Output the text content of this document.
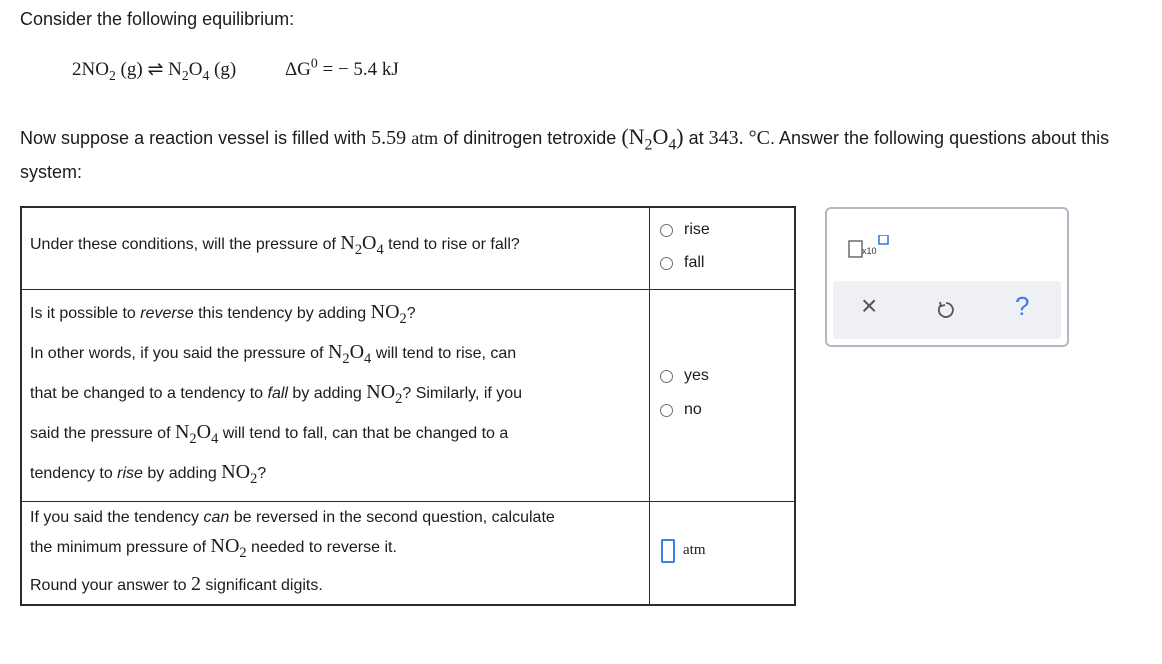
Consider the following equilibrium:
$2NO_2$ (g) ⇌ $N_2O_4$ (g)	$\Delta G^0$ = − 5.4 kJ
Now suppose a reaction vessel is filled with 5.59 atm of dinitrogen tetroxide $(N_2O_4)$ at 343. °C. Answer the following questions about this system:
Under these conditions, will the pressure of $N_2O_4$ tend to rise or fall?
rise
fall
Is it possible to reverse this tendency by adding $NO_2$?
In other words, if you said the pressure of $N_2O_4$ will tend to rise, can
that be changed to a tendency to fall by adding $NO_2$? Similarly, if you
said the pressure of $N_2O_4$ will tend to fall, can that be changed to a
tendency to rise by adding $NO_2$?
yes
no
If you said the tendency can be reversed in the second question, calculate
the minimum pressure of $NO_2$ needed to reverse it.
Round your answer to 2 significant digits.
atm
x10
×	?
